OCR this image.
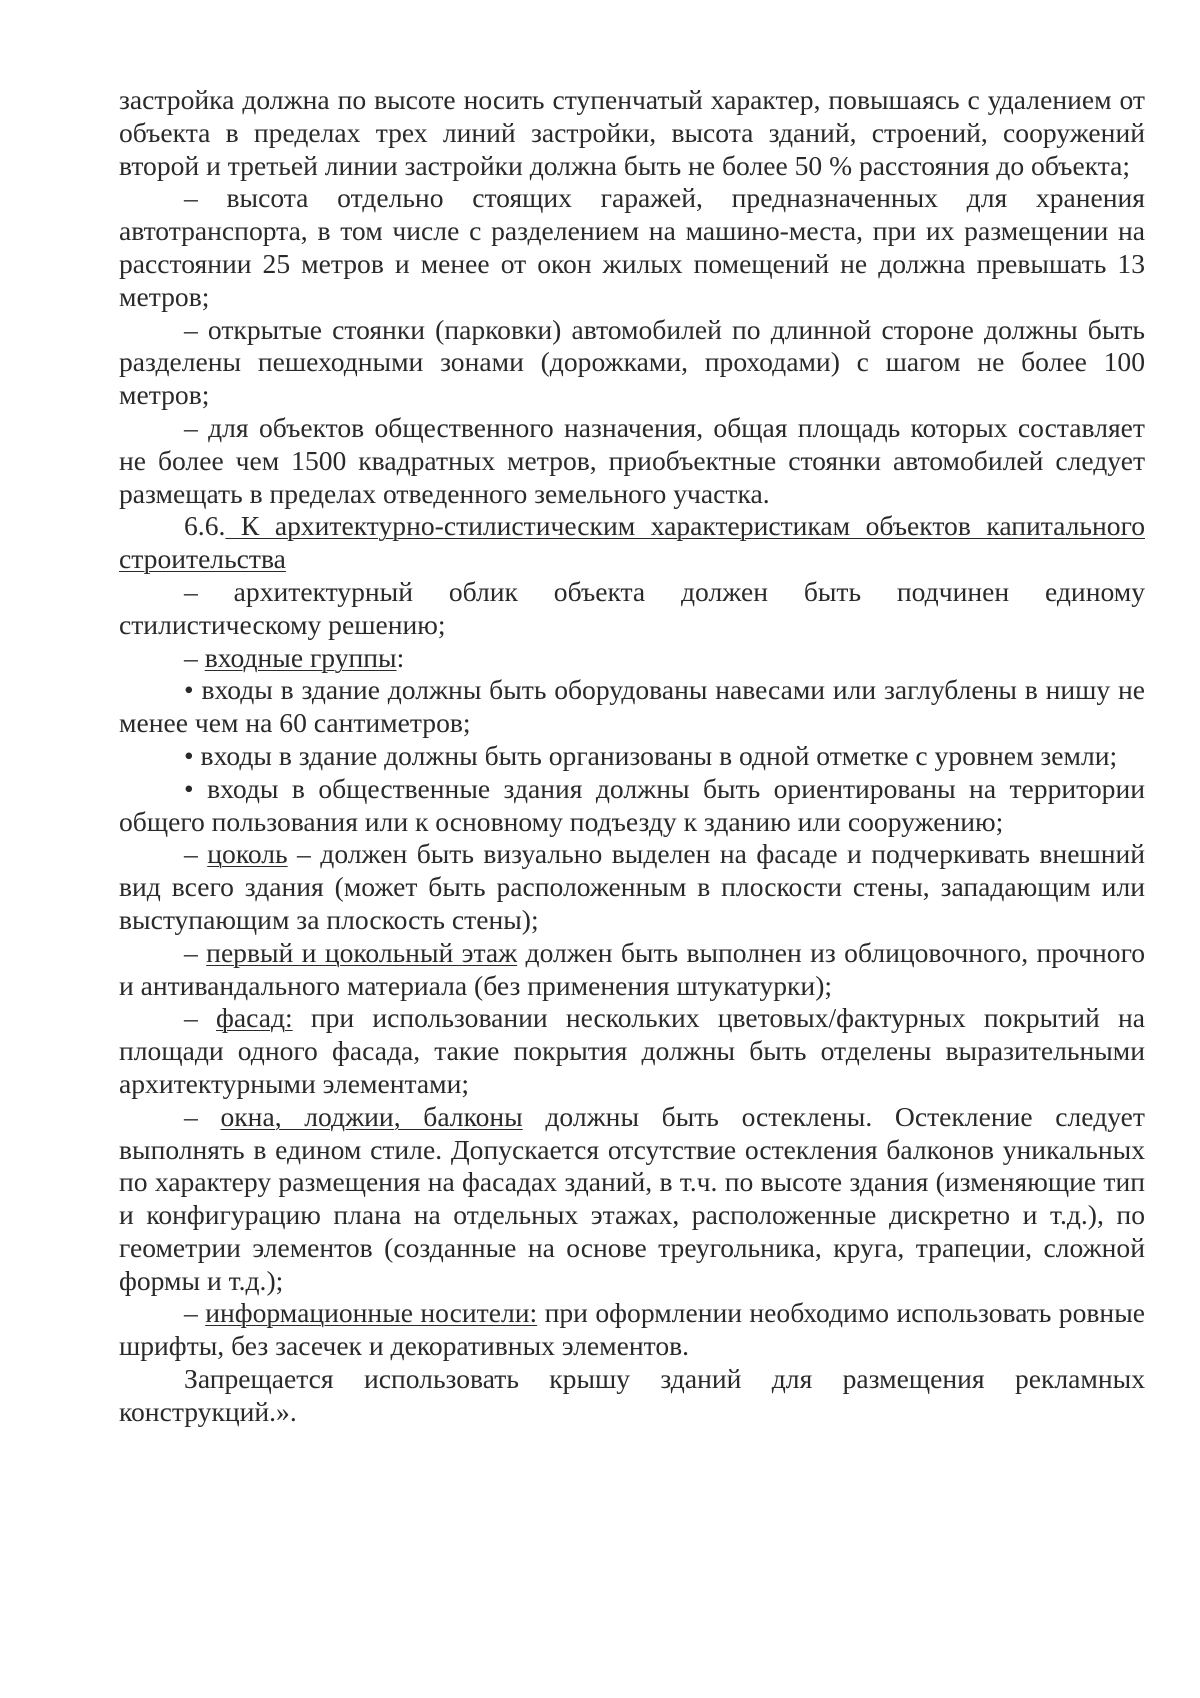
застройка должна по высоте носить ступенчатый характер, повышаясь с удалением от объекта в пределах трех линий застройки, высота зданий, строений, сооружений второй и третьей линии застройки должна быть не более 50 % расстояния до объекта;

– высота отдельно стоящих гаражей, предназначенных для хранения автотранспорта, в том числе с разделением на машино-места, при их размещении на расстоянии 25 метров и менее от окон жилых помещений не должна превышать 13 метров;

– открытые стоянки (парковки) автомобилей по длинной стороне должны быть разделены пешеходными зонами (дорожками, проходами) с шагом не более 100 метров;

– для объектов общественного назначения, общая площадь которых составляет не более чем 1500 квадратных метров, приобъектные стоянки автомобилей следует размещать в пределах отведенного земельного участка.

6.6. К архитектурно-стилистическим характеристикам объектов капитального строительства

– архитектурный облик объекта должен быть подчинен единому стилистическому решению;

– входные группы:

• входы в здание должны быть оборудованы навесами или заглублены в нишу не менее чем на 60 сантиметров;

• входы в здание должны быть организованы в одной отметке с уровнем земли;

• входы в общественные здания должны быть ориентированы на территории общего пользования или к основному подъезду к зданию или сооружению;

– цоколь – должен быть визуально выделен на фасаде и подчеркивать внешний вид всего здания (может быть расположенным в плоскости стены, западающим или выступающим за плоскость стены);

– первый и цокольный этаж должен быть выполнен из облицовочного, прочного и антивандального материала (без применения штукатурки);

– фасад: при использовании нескольких цветовых/фактурных покрытий на площади одного фасада, такие покрытия должны быть отделены выразительными архитектурными элементами;

– окна, лоджии, балконы должны быть остеклены. Остекление следует выполнять в едином стиле. Допускается отсутствие остекления балконов уникальных по характеру размещения на фасадах зданий, в т.ч. по высоте здания (изменяющие тип и конфигурацию плана на отдельных этажах, расположенные дискретно и т.д.), по геометрии элементов (созданные на основе треугольника, круга, трапеции, сложной формы и т.д.);

– информационные носители: при оформлении необходимо использовать ровные шрифты, без засечек и декоративных элементов.

Запрещается использовать крышу зданий для размещения рекламных конструкций.».
